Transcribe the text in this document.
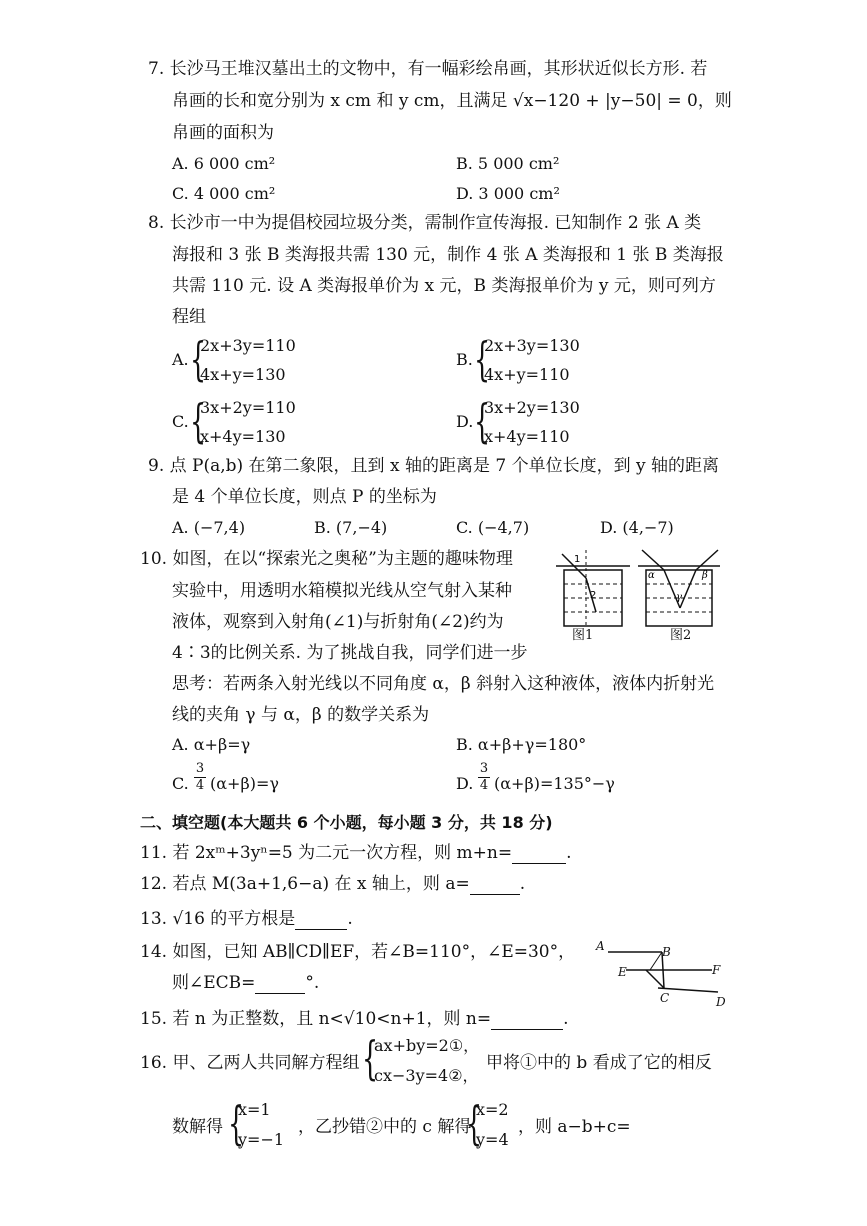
7. 长沙马王堆汉墓出土的文物中，有一幅彩绘帛画，其形状近似长方形. 若
帛画的长和宽分别为 x cm 和 y cm，且满足 √x−120 + |y−50| = 0，则
帛画的面积为
A. 6 000 cm²	B. 5 000 cm²
C. 4 000 cm²	D. 3 000 cm²
8. 长沙市一中为提倡校园垃圾分类，需制作宣传海报. 已知制作 2 张 A 类
海报和 3 张 B 类海报共需 130 元，制作 4 张 A 类海报和 1 张 B 类海报
共需 110 元. 设 A 类海报单价为 x 元，B 类海报单价为 y 元，则可列方
程组
A. {
2x+3y=110
4x+y=130
B. {
2x+3y=130
4x+y=110
C. {
3x+2y=110
x+4y=130
D. {
3x+2y=130
x+4y=110
9. 点 P(a,b) 在第二象限，且到 x 轴的距离是 7 个单位长度，到 y 轴的距离
是 4 个单位长度，则点 P 的坐标为
A. (−7,4)	B. (7,−4)	C. (−4,7)	D. (4,−7)
10. 如图，在以“探索光之奥秘”为主题的趣味物理
实验中，用透明水箱模拟光线从空气射入某种
液体，观察到入射角(∠1)与折射角(∠2)约为
4∶3的比例关系. 为了挑战自我，同学们进一步
思考：若两条入射光线以不同角度 α，β 斜射入这种液体，液体内折射光
线的夹角 γ 与 α，β 的数学关系为
1
2
图1
α	β
γ
图2
A. α+β=γ	B. α+β+γ=180°
C.
3
4 (α+β)=γ	D.
3
4 (α+β)=135°−γ
二、填空题(本大题共 6 个小题，每小题 3 分，共 18 分)
11. 若 2xᵐ+3yⁿ=5 为二元一次方程，则 m+n=	.
12. 若点 M(3a+1,6−a) 在 x 轴上，则 a=	.
13. √16 的平方根是	.
14. 如图，已知 AB∥CD∥EF，若∠B=110°，∠E=30°，
则∠ECB=	°.
A	B
E	F
C	D
15. 若 n 为正整数，且 n<√10<n+1，则 n=	.
16. 甲、乙两人共同解方程组 {
ax+by=2①，
cx−3y=4②，
甲将①中的 b 看成了它的相反
数解得 {
x=1
y=−1
，乙抄错②中的 c 解得
{
x=2
y=4
，则 a−b+c=
